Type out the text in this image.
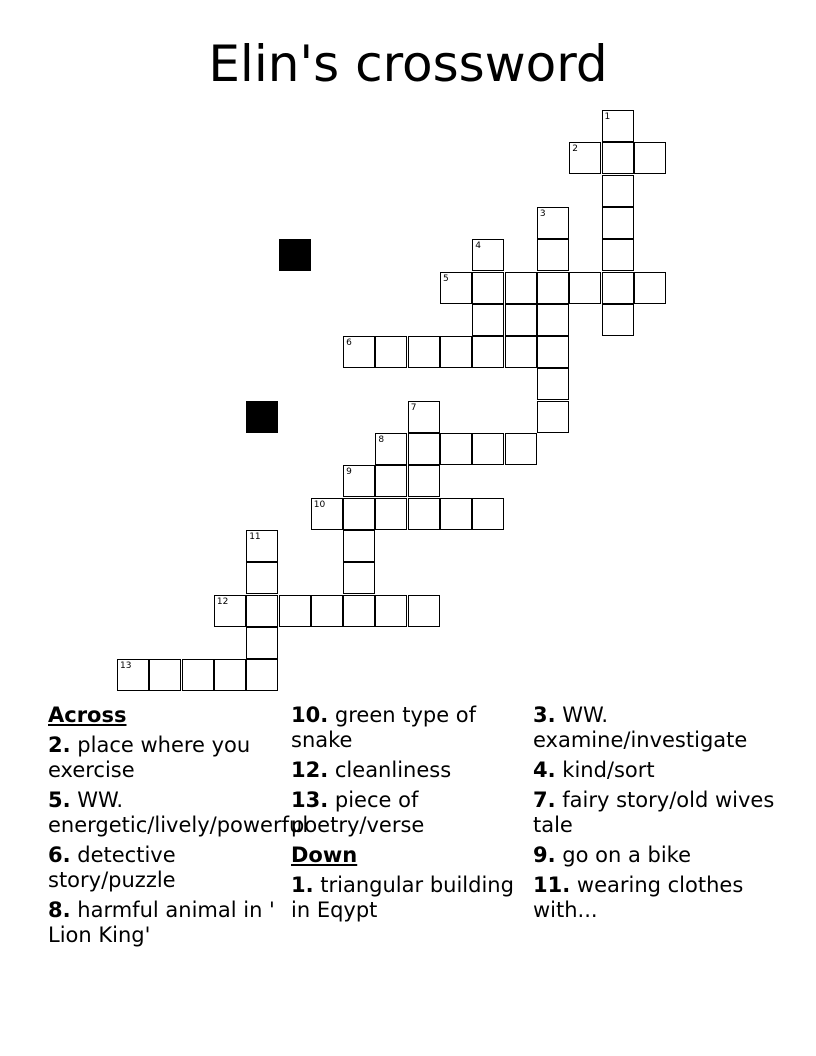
Elin's crossword
1
2
3
4
5
6
7
8
9
10
11
12
13
Across
2. place where you exercise
5. WW.
energetic/lively/powerful
6. detective story/puzzle
8. harmful animal in ' Lion King'
10. green type of snake
12. cleanliness
13. piece of poetry/verse
Down
1. triangular building in Eqypt
3. WW. examine/investigate
4. kind/sort
7. fairy story/old wives tale
9. go on a bike
11. wearing clothes with...
